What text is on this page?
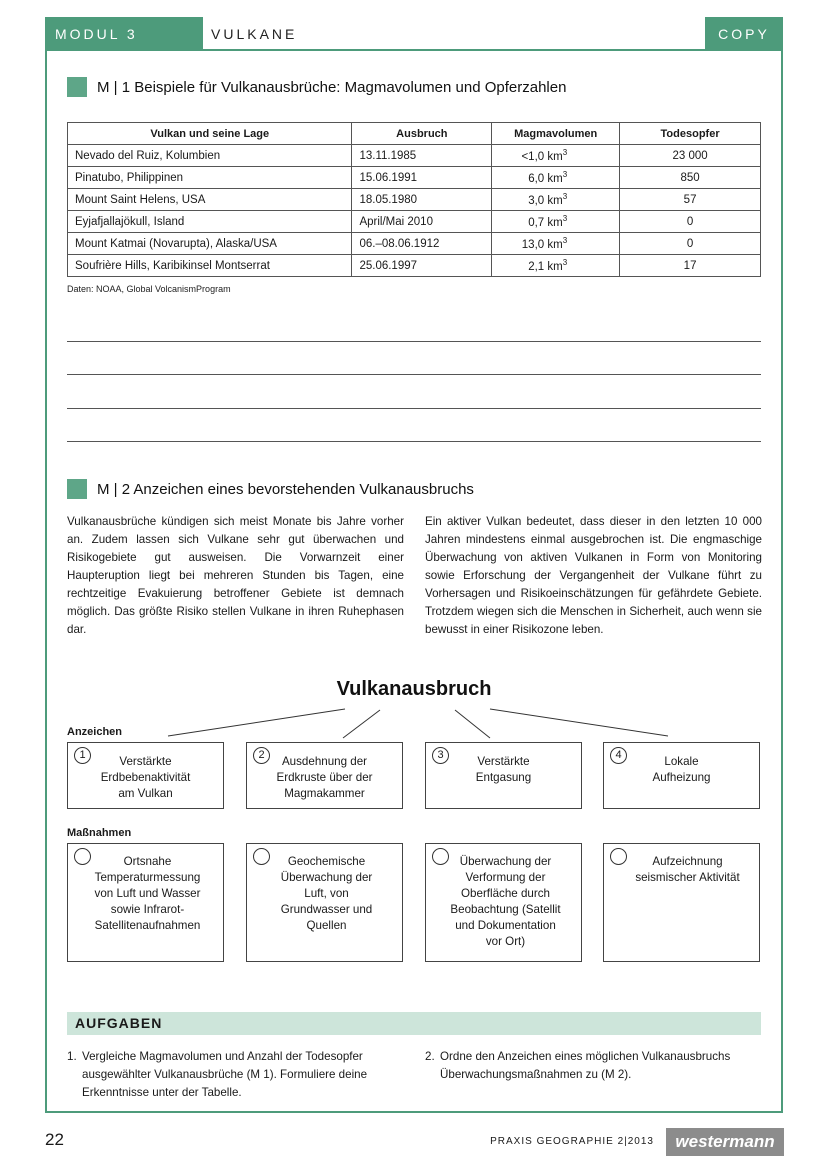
MODUL 3	VULKANE	COPY
M | 1 Beispiele für Vulkanausbrüche: Magmavolumen und Opferzahlen
Vulkan und seine Lage	Ausbruch	Magmavolumen	Todesopfer
Nevado del Ruiz, Kolumbien	13.11.1985	<1,0 $km^3$	23 000
Pinatubo, Philippinen	15.06.1991	6,0 $km^3$	850
Mount Saint Helens, USA	18.05.1980	3,0 $km^3$	57
Eyjafjallajökull, Island	April/Mai 2010	0,7 $km^3$	0
Mount Katmai (Novarupta), Alaska/USA	06.–08.06.1912	13,0 $km^3$	0
Soufrière Hills, Karibikinsel Montserrat	25.06.1997	2,1 $km^3$	17
Daten: NOAA, Global VolcanismProgram
M | 2 Anzeichen eines bevorstehenden Vulkanausbruchs
Vulkanausbrüche kündigen sich meist Monate bis Jahre vorher an. Zudem lassen sich Vulkane sehr gut überwachen und Risikogebiete gut ausweisen. Die Vorwarnzeit einer Haupteruption liegt bei mehreren Stunden bis Tagen, eine rechtzeitige Evakuierung betroffener Gebiete ist demnach möglich. Das größte Risiko stellen Vulkane in ihren Ruhephasen dar.
Ein aktiver Vulkan bedeutet, dass dieser in den letzten 10 000 Jahren mindestens einmal ausgebrochen ist. Die engmaschige Überwachung von aktiven Vulkanen in Form von Monitoring sowie Erforschung der Vergangenheit der Vulkane führt zu Vorhersagen und Risikoeinschätzungen für gefährdete Gebiete. Trotzdem wiegen sich die Menschen in Sicherheit, auch wenn sie bewusst in einer Risikozone leben.
Vulkanausbruch
Anzeichen
1	Verstärkte Erdbebenaktivität am Vulkan
2	Ausdehnung der Erdkruste über der Magmakammer
3	Verstärkte Entgasung
4	Lokale Aufheizung
Maßnahmen
Ortsnahe Temperaturmessung von Luft und Wasser sowie Infrarot-Satellitenaufnahmen
Geochemische Überwachung der Luft, von Grundwasser und Quellen
Überwachung der Verformung der Oberfläche durch Beobachtung (Satellit und Dokumentation vor Ort)
Aufzeichnung seismischer Aktivität
AUFGABEN
1. Vergleiche Magmavolumen und Anzahl der Todesopfer ausgewählter Vulkanausbrüche (M 1). Formuliere deine Erkenntnisse unter der Tabelle.
2. Ordne den Anzeichen eines möglichen Vulkanausbruchs Überwachungsmaßnahmen zu (M 2).
22	PRAXIS GEOGRAPHIE 2|2013	westermann
